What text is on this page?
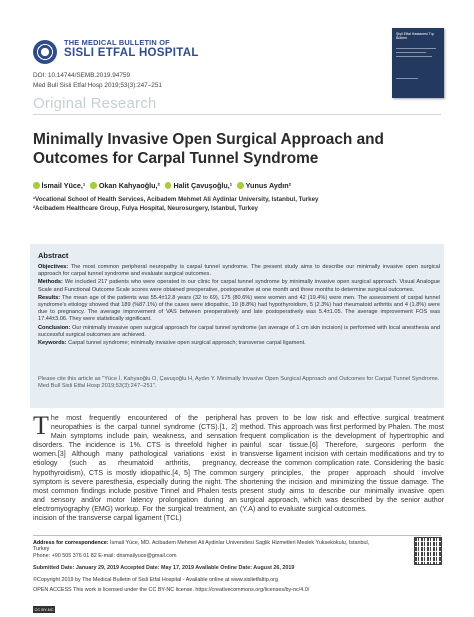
THE MEDICAL BULLETIN OF
SISLI ETFAL HOSPITAL
DOI: 10.14744/SEMB.2019.94759
Med Bull Sisli Etfal Hosp 2019;53(3):247–251
Original Research
Şişli Etfal Hastanesi Tıp Bülteni
Minimally Invasive Open Surgical Approach and Outcomes for Carpal Tunnel Syndrome
İsmail Yüce,¹ Okan Kahyaoğlu,² Halit Çavuşoğlu,¹ Yunus Aydın²
¹Vocational School of Health Services, Acibadem Mehmet Ali Aydinlar University, Istanbul, Turkey
²Acibadem Healthcare Group, Fulya Hospital, Neurosurgery, Istanbul, Turkey
Abstract

Objectives: The most common peripheral neuropathy is carpal tunnel syndrome. The present study aims to describe our minimally invasive open surgical approach for carpal tunnel syndrome and evaluate surgical outcomes.

Methods: We included 217 patients who were operated in our clinic for carpal tunnel syndrome by minimally invasive open surgical approach. Visual Analogue Scale and Functional Outcome Scale scores were obtained preoperative, postoperative at one month and three months to determine surgical outcomes.

Results: The mean age of the patients was 55.4±12.8 years (32 to 69), 175 (80.6%) were women and 42 (19.4%) were men. The assessment of carpal tunnel syndrome's etiology showed that 189 (%87.1%) of the cases were idiopathic, 19 (8.8%) had hypothyroidism, 5 (2.3%) had rheumatoid arthritis and 4 (1.8%) were due to pregnancy. The average improvement of VAS between preoperatively and late postoperatively was 5.4±1.05. The average improvement FOS was 17.44±3.06. They were statistically significant.

Conclusion: Our minimally invasive open surgical approach for carpal tunnel syndrome (an average of 1 cm skin incision) is performed with local anesthesia and successful surgical outcomes are achieved.

Keywords: Carpal tunnel syndrome; minimally invasive open surgical approach; transverse carpal ligament.

Please cite this article as "Yüce İ, Kahyaoğlu O, Çavuşoğlu H, Aydın Y. Minimally Invasive Open Surgical Approach and Outcomes for Carpal Tunnel Syndrome. Med Bull Sisli Etfal Hosp 2019;53(3):247–251".
The most frequently encountered of the peripheral neuropathies is the carpal tunnel syndrome (CTS).[1, 2] Main symptoms include pain, weakness, and sensation disorders. The incidence is 1%. CTS is threefold higher in women.[3] Although many pathological variations exist in etiology (such as rheumatoid arthritis, pregnancy, hypothyroidism), CTS is mostly idiopathic.[4, 5] The common symptom is severe paresthesia, especially during the night. The most common findings include positive Tinnel and Phalen tests and sensory and/or motor latency prolongation during an electromyography (EMG) workup. For the surgical treatment, an incision of the transverse carpal ligament (TCL)
has proven to be low risk and effective surgical treatment method. This approach was first performed by Phalen. The most frequent complication is the development of hypertrophic and painful scar tissue.[6] Therefore, surgeons perform the transverse ligament incision with certain modifications and try to decrease the common complication rate. Considering the basic surgery principles, the proper approach should involve shortening the incision and minimizing the tissue damage. The present study aims to describe our minimally invasive open surgical approach, which was described by the senior author (Y.A) and to evaluate surgical outcomes.
Address for correspondence: İsmail Yüce, MD. Acibadem Mehmet Ali Aydinlar Universitesi Saglik Hizmetleri Meslek Yuksekokulu, Istanbul, Turkey
Phone: +90 505 376 01 82 E-mail: drismailyuce@gmail.com
Submitted Date: January 29, 2019 Accepted Date: May 17, 2019 Available Online Date: August 26, 2019
©Copyright 2019 by The Medical Bulletin of Sisli Etfal Hospital - Available online at www.sislietfaltip.org
OPEN ACCESS This work is licensed under the CC BY-NC license. https://creativecommons.org/licenses/by-nc/4.0/
CC BY-NC
